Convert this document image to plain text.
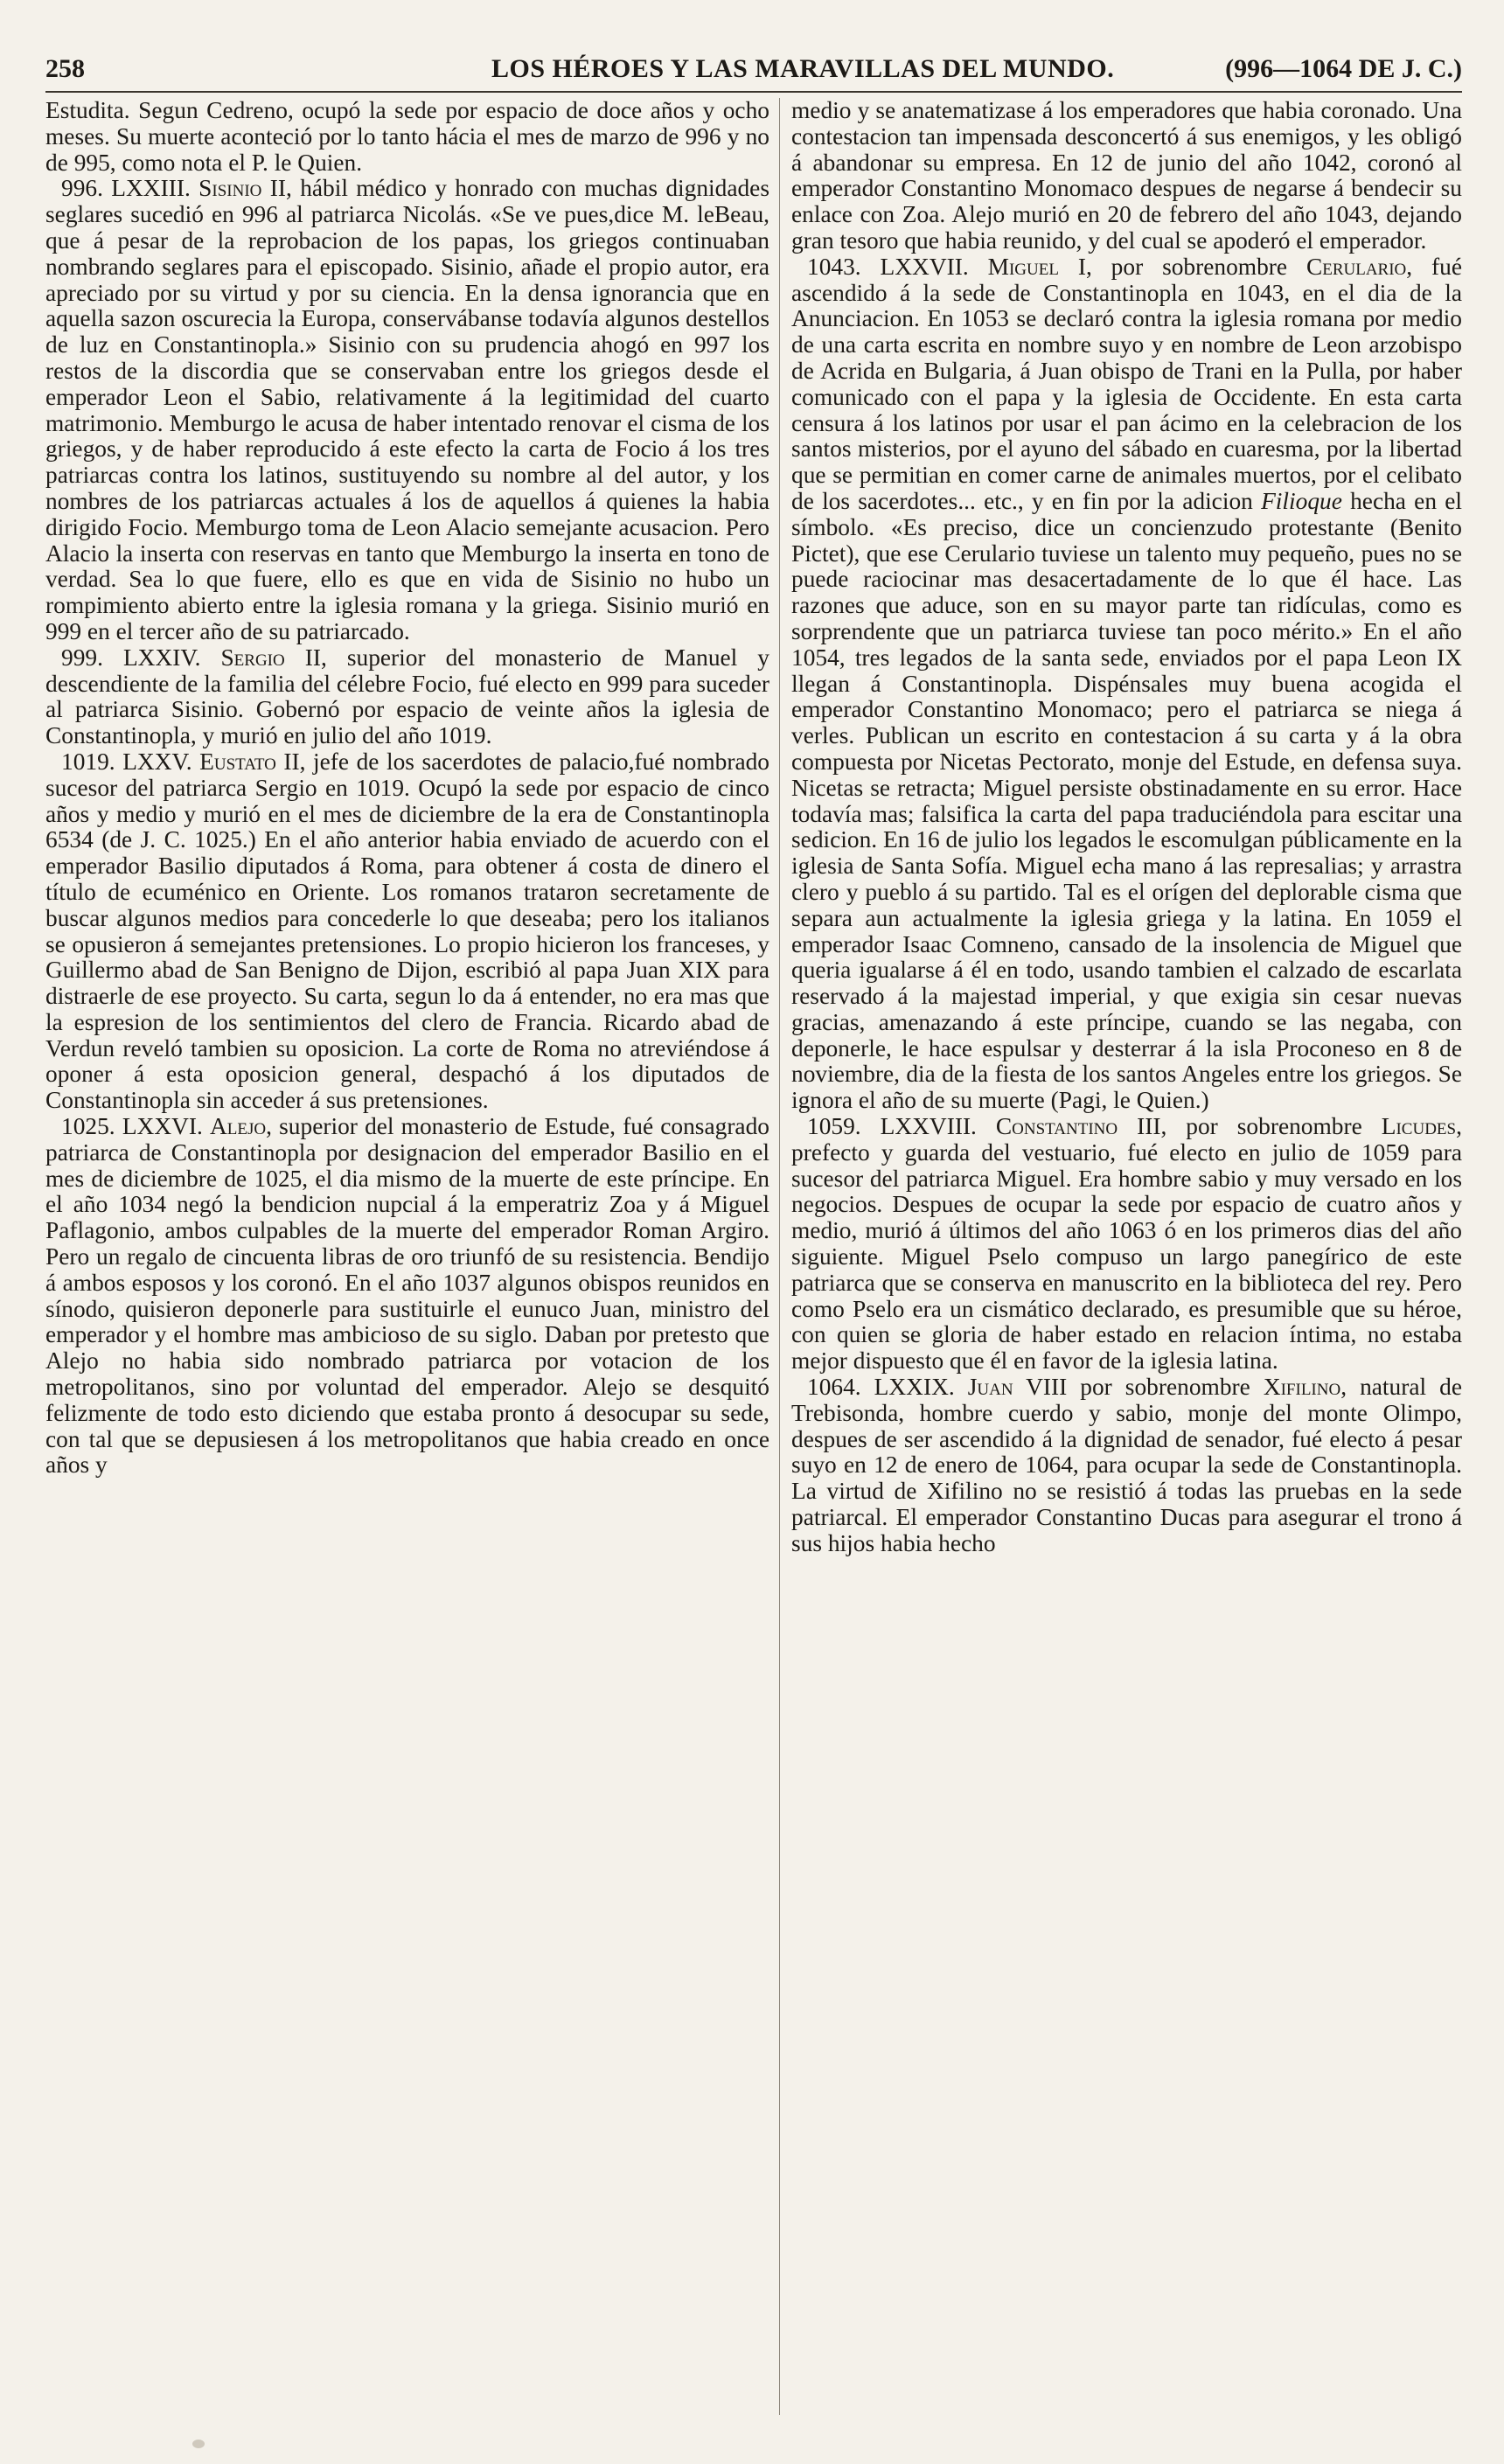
258	LOS HÉROES Y LAS MARAVILLAS DEL MUNDO.	(996—1064 DE J. C.)

Estudita. Segun Cedreno, ocupó la sede por espacio de doce años y ocho meses. Su muerte aconteció por lo tanto hácia el mes de marzo de 996 y no de 995, como nota el P. le Quien.

996. LXXIII. Sisinio II, hábil médico y honrado con muchas dignidades seglares sucedió en 996 al patriarca Nicolás. «Se ve pues,dice M. leBeau, que á pesar de la reprobacion de los papas, los griegos continuaban nombrando seglares para el episcopado. Sisinio, añade el propio autor, era apreciado por su virtud y por su ciencia. En la densa ignorancia que en aquella sazon oscurecia la Europa, conservábanse todavía algunos destellos de luz en Constantinopla.» Sisinio con su prudencia ahogó en 997 los restos de la discordia que se conservaban entre los griegos desde el emperador Leon el Sabio, relativamente á la legitimidad del cuarto matrimonio. Memburgo le acusa de haber intentado renovar el cisma de los griegos, y de haber reproducido á este efecto la carta de Focio á los tres patriarcas contra los latinos, sustituyendo su nombre al del autor, y los nombres de los patriarcas actuales á los de aquellos á quienes la habia dirigido Focio. Memburgo toma de Leon Alacio semejante acusacion. Pero Alacio la inserta con reservas en tanto que Memburgo la inserta en tono de verdad. Sea lo que fuere, ello es que en vida de Sisinio no hubo un rompimiento abierto entre la iglesia romana y la griega. Sisinio murió en 999 en el tercer año de su patriarcado.

999. LXXIV. Sergio II, superior del monasterio de Manuel y descendiente de la familia del célebre Focio, fué electo en 999 para suceder al patriarca Sisinio. Gobernó por espacio de veinte años la iglesia de Constantinopla, y murió en julio del año 1019.

1019. LXXV. Eustato II, jefe de los sacerdotes de palacio,fué nombrado sucesor del patriarca Sergio en 1019. Ocupó la sede por espacio de cinco años y medio y murió en el mes de diciembre de la era de Constantinopla 6534 (de J. C. 1025.) En el año anterior habia enviado de acuerdo con el emperador Basilio diputados á Roma, para obtener á costa de dinero el título de ecuménico en Oriente. Los romanos trataron secretamente de buscar algunos medios para concederle lo que deseaba; pero los italianos se opusieron á semejantes pretensiones. Lo propio hicieron los franceses, y Guillermo abad de San Benigno de Dijon, escribió al papa Juan XIX para distraerle de ese proyecto. Su carta, segun lo da á entender, no era mas que la espresion de los sentimientos del clero de Francia. Ricardo abad de Verdun reveló tambien su oposicion. La corte de Roma no atreviéndose á oponer á esta oposicion general, despachó á los diputados de Constantinopla sin acceder á sus pretensiones.

1025. LXXVI. Alejo, superior del monasterio de Estude, fué consagrado patriarca de Constantinopla por designacion del emperador Basilio en el mes de diciembre de 1025, el dia mismo de la muerte de este príncipe. En el año 1034 negó la bendicion nupcial á la emperatriz Zoa y á Miguel Paflagonio, ambos culpables de la muerte del emperador Roman Argiro. Pero un regalo de cincuenta libras de oro triunfó de su resistencia. Bendijo á ambos esposos y los coronó. En el año 1037 algunos obispos reunidos en sínodo, quisieron deponerle para sustituirle el eunuco Juan, ministro del emperador y el hombre mas ambicioso de su siglo. Daban por pretesto que Alejo no habia sido nombrado patriarca por votacion de los metropolitanos, sino por voluntad del emperador. Alejo se desquitó felizmente de todo esto diciendo que estaba pronto á desocupar su sede, con tal que se depusiesen á los metropolitanos que habia creado en once años y

medio y se anatematizase á los emperadores que habia coronado. Una contestacion tan impensada desconcertó á sus enemigos, y les obligó á abandonar su empresa. En 12 de junio del año 1042, coronó al emperador Constantino Monomaco despues de negarse á bendecir su enlace con Zoa. Alejo murió en 20 de febrero del año 1043, dejando gran tesoro que habia reunido, y del cual se apoderó el emperador.

1043. LXXVII. Miguel I, por sobrenombre Cerulario, fué ascendido á la sede de Constantinopla en 1043, en el dia de la Anunciacion. En 1053 se declaró contra la iglesia romana por medio de una carta escrita en nombre suyo y en nombre de Leon arzobispo de Acrida en Bulgaria, á Juan obispo de Trani en la Pulla, por haber comunicado con el papa y la iglesia de Occidente. En esta carta censura á los latinos por usar el pan ácimo en la celebracion de los santos misterios, por el ayuno del sábado en cuaresma, por la libertad que se permitian en comer carne de animales muertos, por el celibato de los sacerdotes... etc., y en fin por la adicion Filioque hecha en el símbolo. «Es preciso, dice un concienzudo protestante (Benito Pictet), que ese Cerulario tuviese un talento muy pequeño, pues no se puede raciocinar mas desacertadamente de lo que él hace. Las razones que aduce, son en su mayor parte tan ridículas, como es sorprendente que un patriarca tuviese tan poco mérito.» En el año 1054, tres legados de la santa sede, enviados por el papa Leon IX llegan á Constantinopla. Dispénsales muy buena acogida el emperador Constantino Monomaco; pero el patriarca se niega á verles. Publican un escrito en contestacion á su carta y á la obra compuesta por Nicetas Pectorato, monje del Estude, en defensa suya. Nicetas se retracta; Miguel persiste obstinadamente en su error. Hace todavía mas; falsifica la carta del papa traduciéndola para escitar una sedicion. En 16 de julio los legados le escomulgan públicamente en la iglesia de Santa Sofía. Miguel echa mano á las represalias; y arrastra clero y pueblo á su partido. Tal es el orígen del deplorable cisma que separa aun actualmente la iglesia griega y la latina. En 1059 el emperador Isaac Comneno, cansado de la insolencia de Miguel que queria igualarse á él en todo, usando tambien el calzado de escarlata reservado á la majestad imperial, y que exigia sin cesar nuevas gracias, amenazando á este príncipe, cuando se las negaba, con deponerle, le hace espulsar y desterrar á la isla Proconeso en 8 de noviembre, dia de la fiesta de los santos Angeles entre los griegos. Se ignora el año de su muerte (Pagi, le Quien.)

1059. LXXVIII. Constantino III, por sobrenombre Licudes, prefecto y guarda del vestuario, fué electo en julio de 1059 para sucesor del patriarca Miguel. Era hombre sabio y muy versado en los negocios. Despues de ocupar la sede por espacio de cuatro años y medio, murió á últimos del año 1063 ó en los primeros dias del año siguiente. Miguel Pselo compuso un largo panegírico de este patriarca que se conserva en manuscrito en la biblioteca del rey. Pero como Pselo era un cismático declarado, es presumible que su héroe, con quien se gloria de haber estado en relacion íntima, no estaba mejor dispuesto que él en favor de la iglesia latina.

1064. LXXIX. Juan VIII por sobrenombre Xifilino, natural de Trebisonda, hombre cuerdo y sabio, monje del monte Olimpo, despues de ser ascendido á la dignidad de senador, fué electo á pesar suyo en 12 de enero de 1064, para ocupar la sede de Constantinopla. La virtud de Xifilino no se resistió á todas las pruebas en la sede patriarcal. El emperador Constantino Ducas para asegurar el trono á sus hijos habia hecho
